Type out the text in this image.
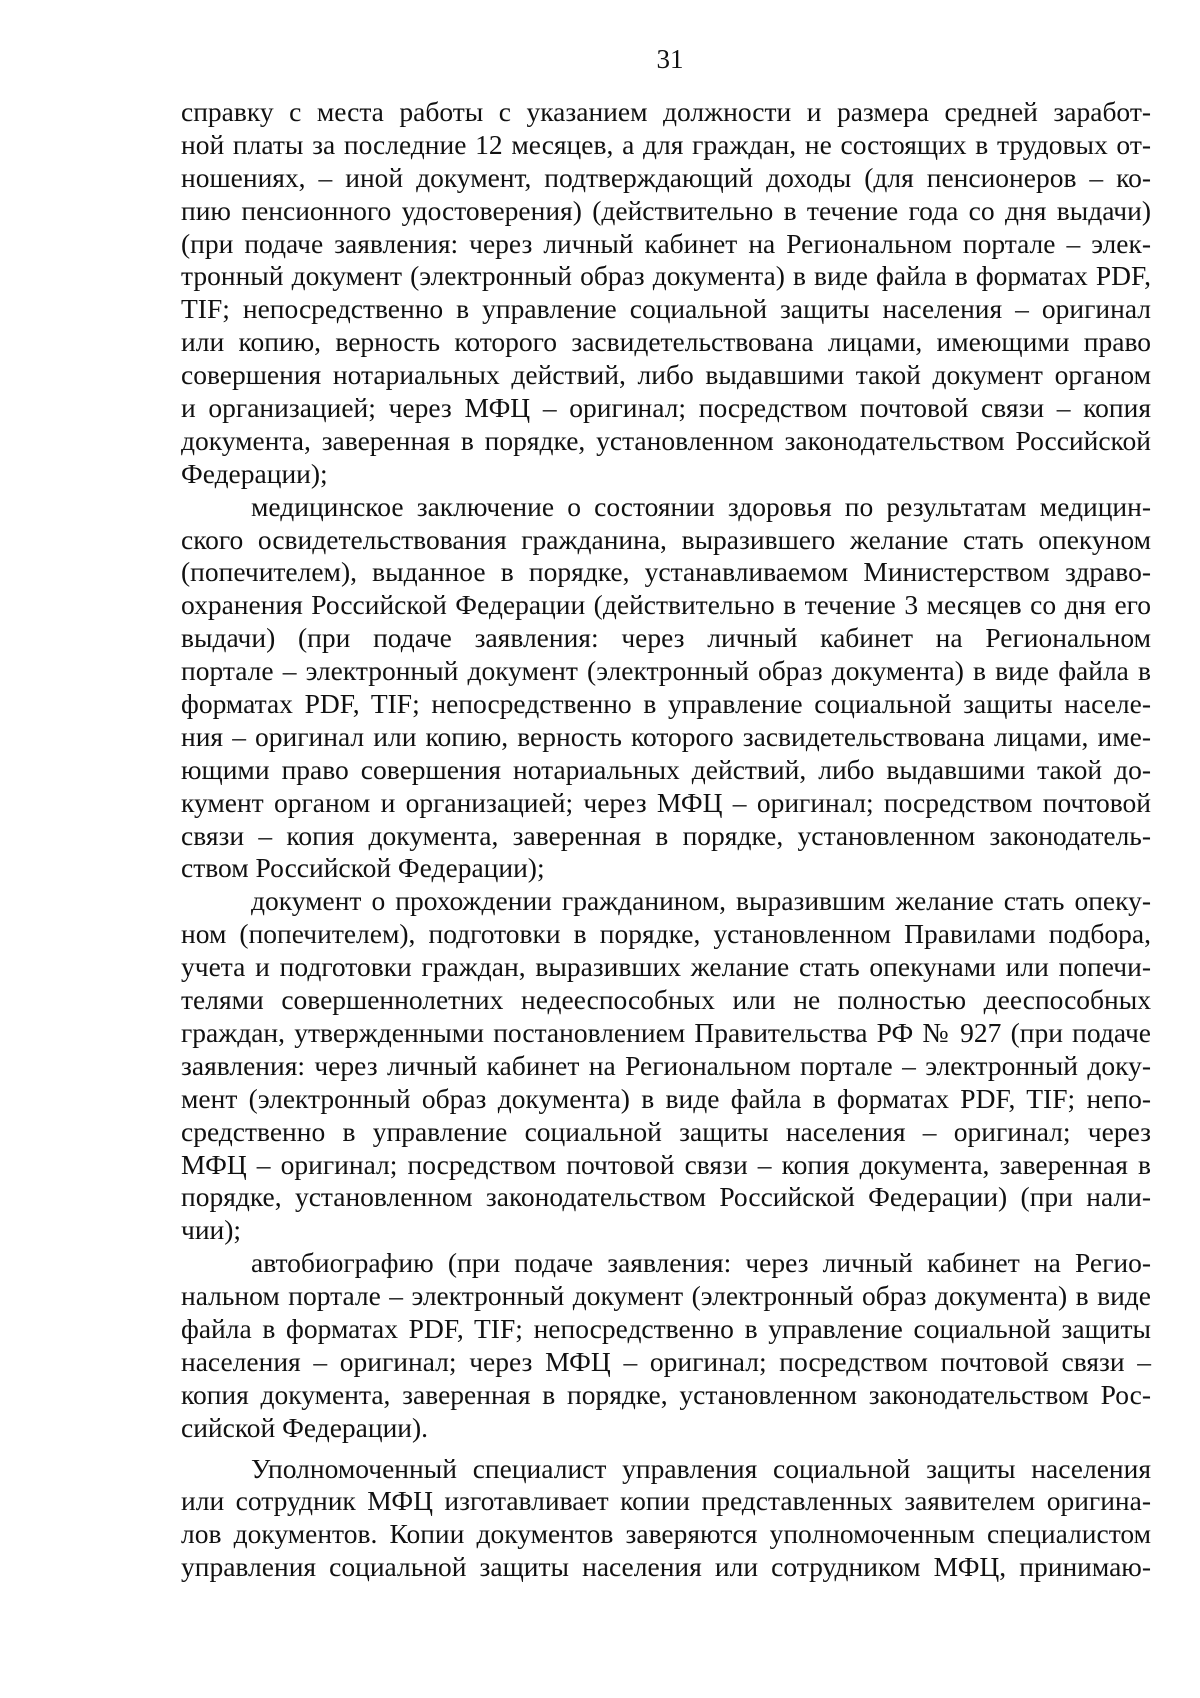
31
справку с места работы с указанием должности и размера средней заработ-
ной платы за последние 12 месяцев, а для граждан, не состоящих в трудовых от-
ношениях, – иной документ, подтверждающий доходы (для пенсионеров – ко-
пию пенсионного удостоверения) (действительно в течение года со дня выдачи)
(при подаче заявления: через личный кабинет на Региональном портале – элек-
тронный документ (электронный образ документа) в виде файла в форматах PDF,
TIF; непосредственно в управление социальной защиты населения – оригинал
или копию, верность которого засвидетельствована лицами, имеющими право
совершения нотариальных действий, либо выдавшими такой документ органом
и организацией; через МФЦ – оригинал; посредством почтовой связи – копия
документа, заверенная в порядке, установленном законодательством Российской
Федерации);
медицинское заключение о состоянии здоровья по результатам медицин-
ского освидетельствования гражданина, выразившего желание стать опекуном
(попечителем), выданное в порядке, устанавливаемом Министерством здраво-
охранения Российской Федерации (действительно в течение 3 месяцев со дня его
выдачи) (при подаче заявления: через личный кабинет на Региональном
портале – электронный документ (электронный образ документа) в виде файла в
форматах PDF, TIF; непосредственно в управление социальной защиты населе-
ния – оригинал или копию, верность которого засвидетельствована лицами, име-
ющими право совершения нотариальных действий, либо выдавшими такой до-
кумент органом и организацией; через МФЦ – оригинал; посредством почтовой
связи – копия документа, заверенная в порядке, установленном законодатель-
ством Российской Федерации);
документ о прохождении гражданином, выразившим желание стать опеку-
ном (попечителем), подготовки в порядке, установленном Правилами подбора,
учета и подготовки граждан, выразивших желание стать опекунами или попечи-
телями совершеннолетних недееспособных или не полностью дееспособных
граждан, утвержденными постановлением Правительства РФ № 927 (при подаче
заявления: через личный кабинет на Региональном портале – электронный доку-
мент (электронный образ документа) в виде файла в форматах PDF, TIF; непо-
средственно в управление социальной защиты населения – оригинал; через
МФЦ – оригинал; посредством почтовой связи – копия документа, заверенная в
порядке, установленном законодательством Российской Федерации) (при нали-
чии);
автобиографию (при подаче заявления: через личный кабинет на Регио-
нальном портале – электронный документ (электронный образ документа) в виде
файла в форматах PDF, TIF; непосредственно в управление социальной защиты
населения – оригинал; через МФЦ – оригинал; посредством почтовой связи –
копия документа, заверенная в порядке, установленном законодательством Рос-
сийской Федерации).
Уполномоченный специалист управления социальной защиты населения
или сотрудник МФЦ изготавливает копии представленных заявителем оригина-
лов документов. Копии документов заверяются уполномоченным специалистом
управления социальной защиты населения или сотрудником МФЦ, принимаю-
